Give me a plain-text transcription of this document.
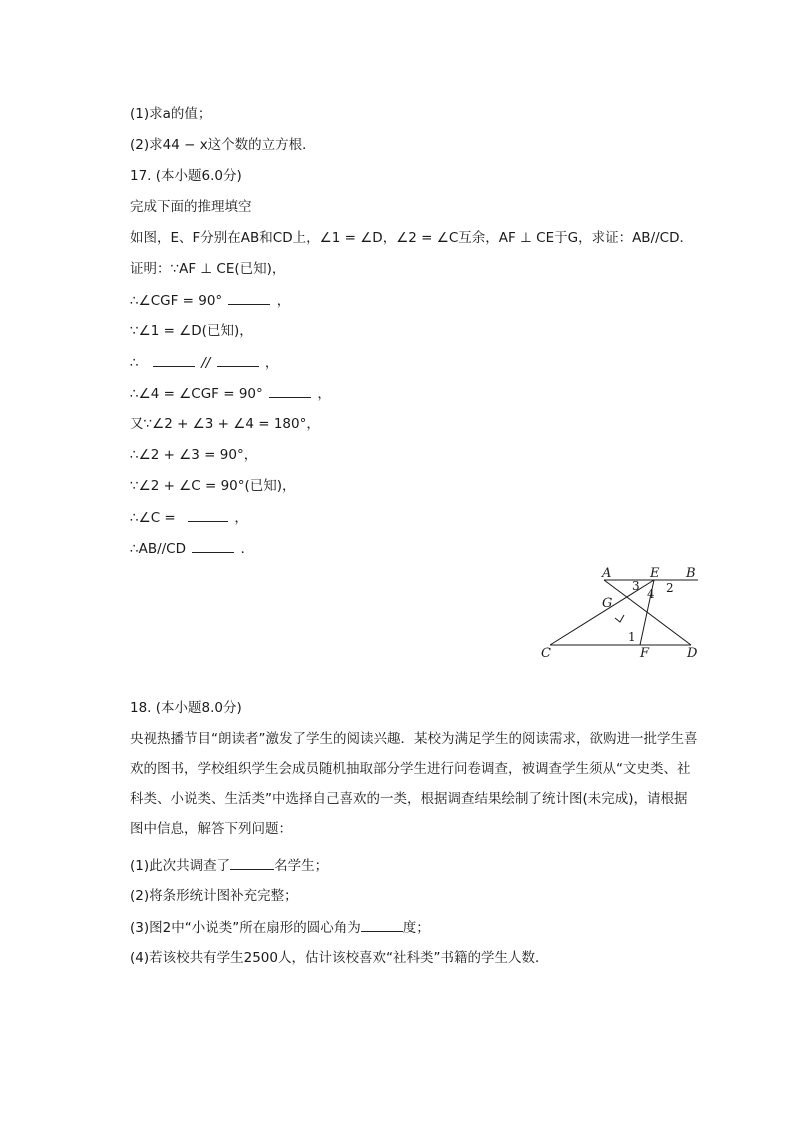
(1)求a的值；
(2)求44 − x这个数的立方根．
17. (本小题6.0分)
完成下面的推理填空
如图，E、F分别在AB和CD上，∠1 = ∠D，∠2 = ∠C互余，AF ⊥ CE于G，求证：AB//CD．
证明：∵AF ⊥ CE(已知)，
∴∠CGF = 90°	，
∵∠1 = ∠D(已知)，
∴	//	，
∴∠4 = ∠CGF = 90°	，
又∵∠2 + ∠3 + ∠4 = 180°，
∴∠2 + ∠3 = 90°，
∵∠2 + ∠C = 90°(已知)，
∴∠C =	，
∴AB//CD	．
A	E B
G
C	F	D
1
2
3
4
18. (本小题8.0分)
央视热播节目“朗读者”激发了学生的阅读兴趣．某校为满足学生的阅读需求，欲购进一批学生喜欢的图书，学校组织学生会成员随机抽取部分学生进行问卷调查，被调查学生须从“文史类、社科类、小说类、生活类”中选择自己喜欢的一类，根据调查结果绘制了统计图(未完成)，请根据图中信息，解答下列问题：
(1)此次共调查了	名学生；
(2)将条形统计图补充完整；
(3)图2中“小说类”所在扇形的圆心角为	度；
(4)若该校共有学生2500人，估计该校喜欢“社科类”书籍的学生人数．
